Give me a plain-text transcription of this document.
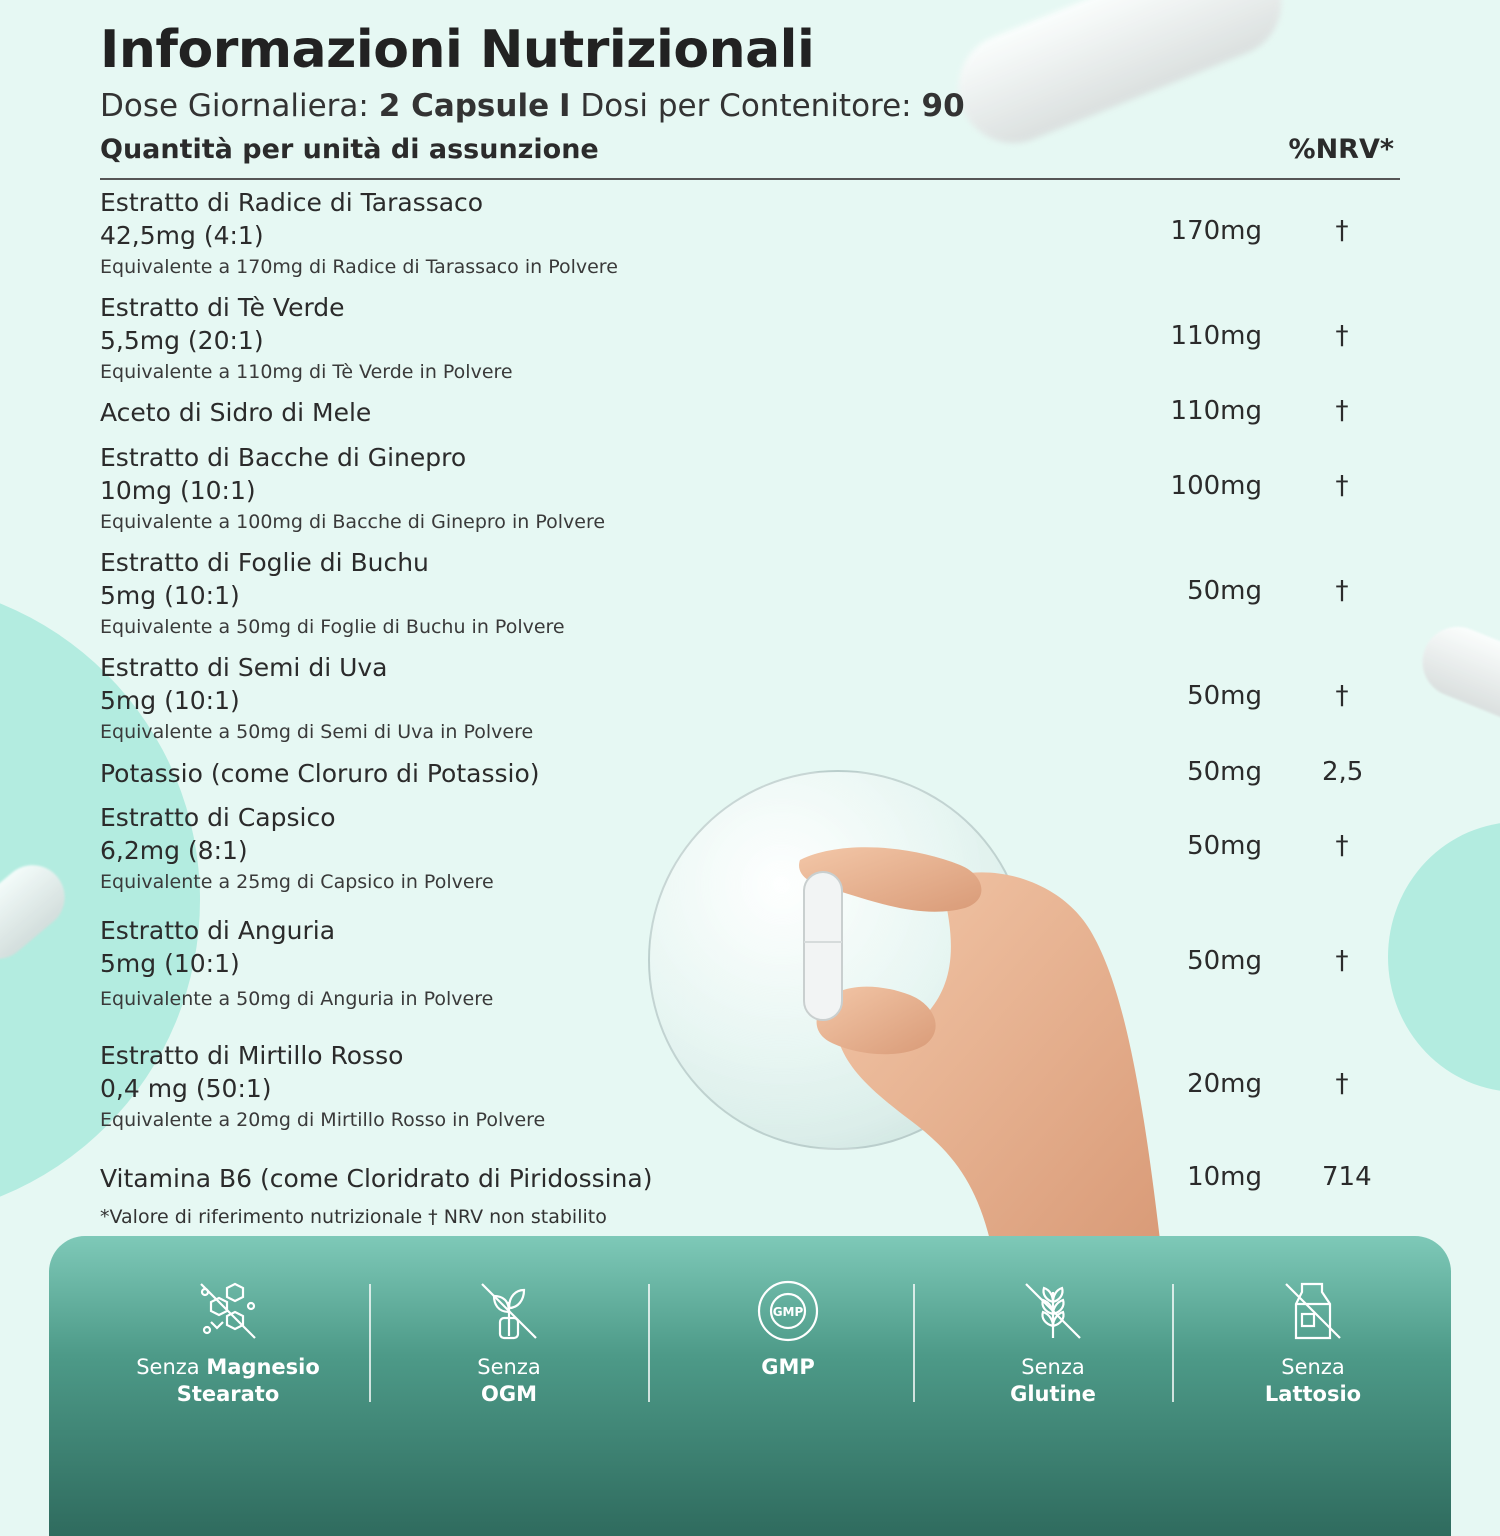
Informazioni Nutrizionali
Dose Giornaliera: 2 Capsule I Dosi per Contenitore: 90
Quantità per unità di assunzione	%NRV*
Estratto di Radice di Tarassaco
42,5mg (4:1)
Equivalente a 170mg di Radice di Tarassaco in Polvere
170mg	†
Estratto di Tè Verde
5,5mg (20:1)
Equivalente a 110mg di Tè Verde in Polvere
110mg	†
Aceto di Sidro di Mele	110mg	†
Estratto di Bacche di Ginepro
10mg (10:1)
Equivalente a 100mg di Bacche di Ginepro in Polvere
100mg	†
Estratto di Foglie di Buchu
5mg (10:1)
Equivalente a 50mg di Foglie di Buchu in Polvere
50mg	†
Estratto di Semi di Uva
5mg (10:1)
Equivalente a 50mg di Semi di Uva in Polvere
50mg	†
Potassio (come Cloruro di Potassio)	50mg 2,5
Estratto di Capsico
6,2mg (8:1)
Equivalente a 25mg di Capsico in Polvere
50mg	†
Estratto di Anguria
5mg (10:1)
Equivalente a 50mg di Anguria in Polvere
50mg	†
Estratto di Mirtillo Rosso
0,4 mg (50:1)
Equivalente a 20mg di Mirtillo Rosso in Polvere
20mg	†
Vitamina B6 (come Cloridrato di Piridossina)	10mg 714
*Valore di riferimento nutrizionale † NRV non stabilito
Senza Magnesio
Stearato
Senza
OGM
GMP
GMP	Senza
Glutine
Senza
Lattosio
